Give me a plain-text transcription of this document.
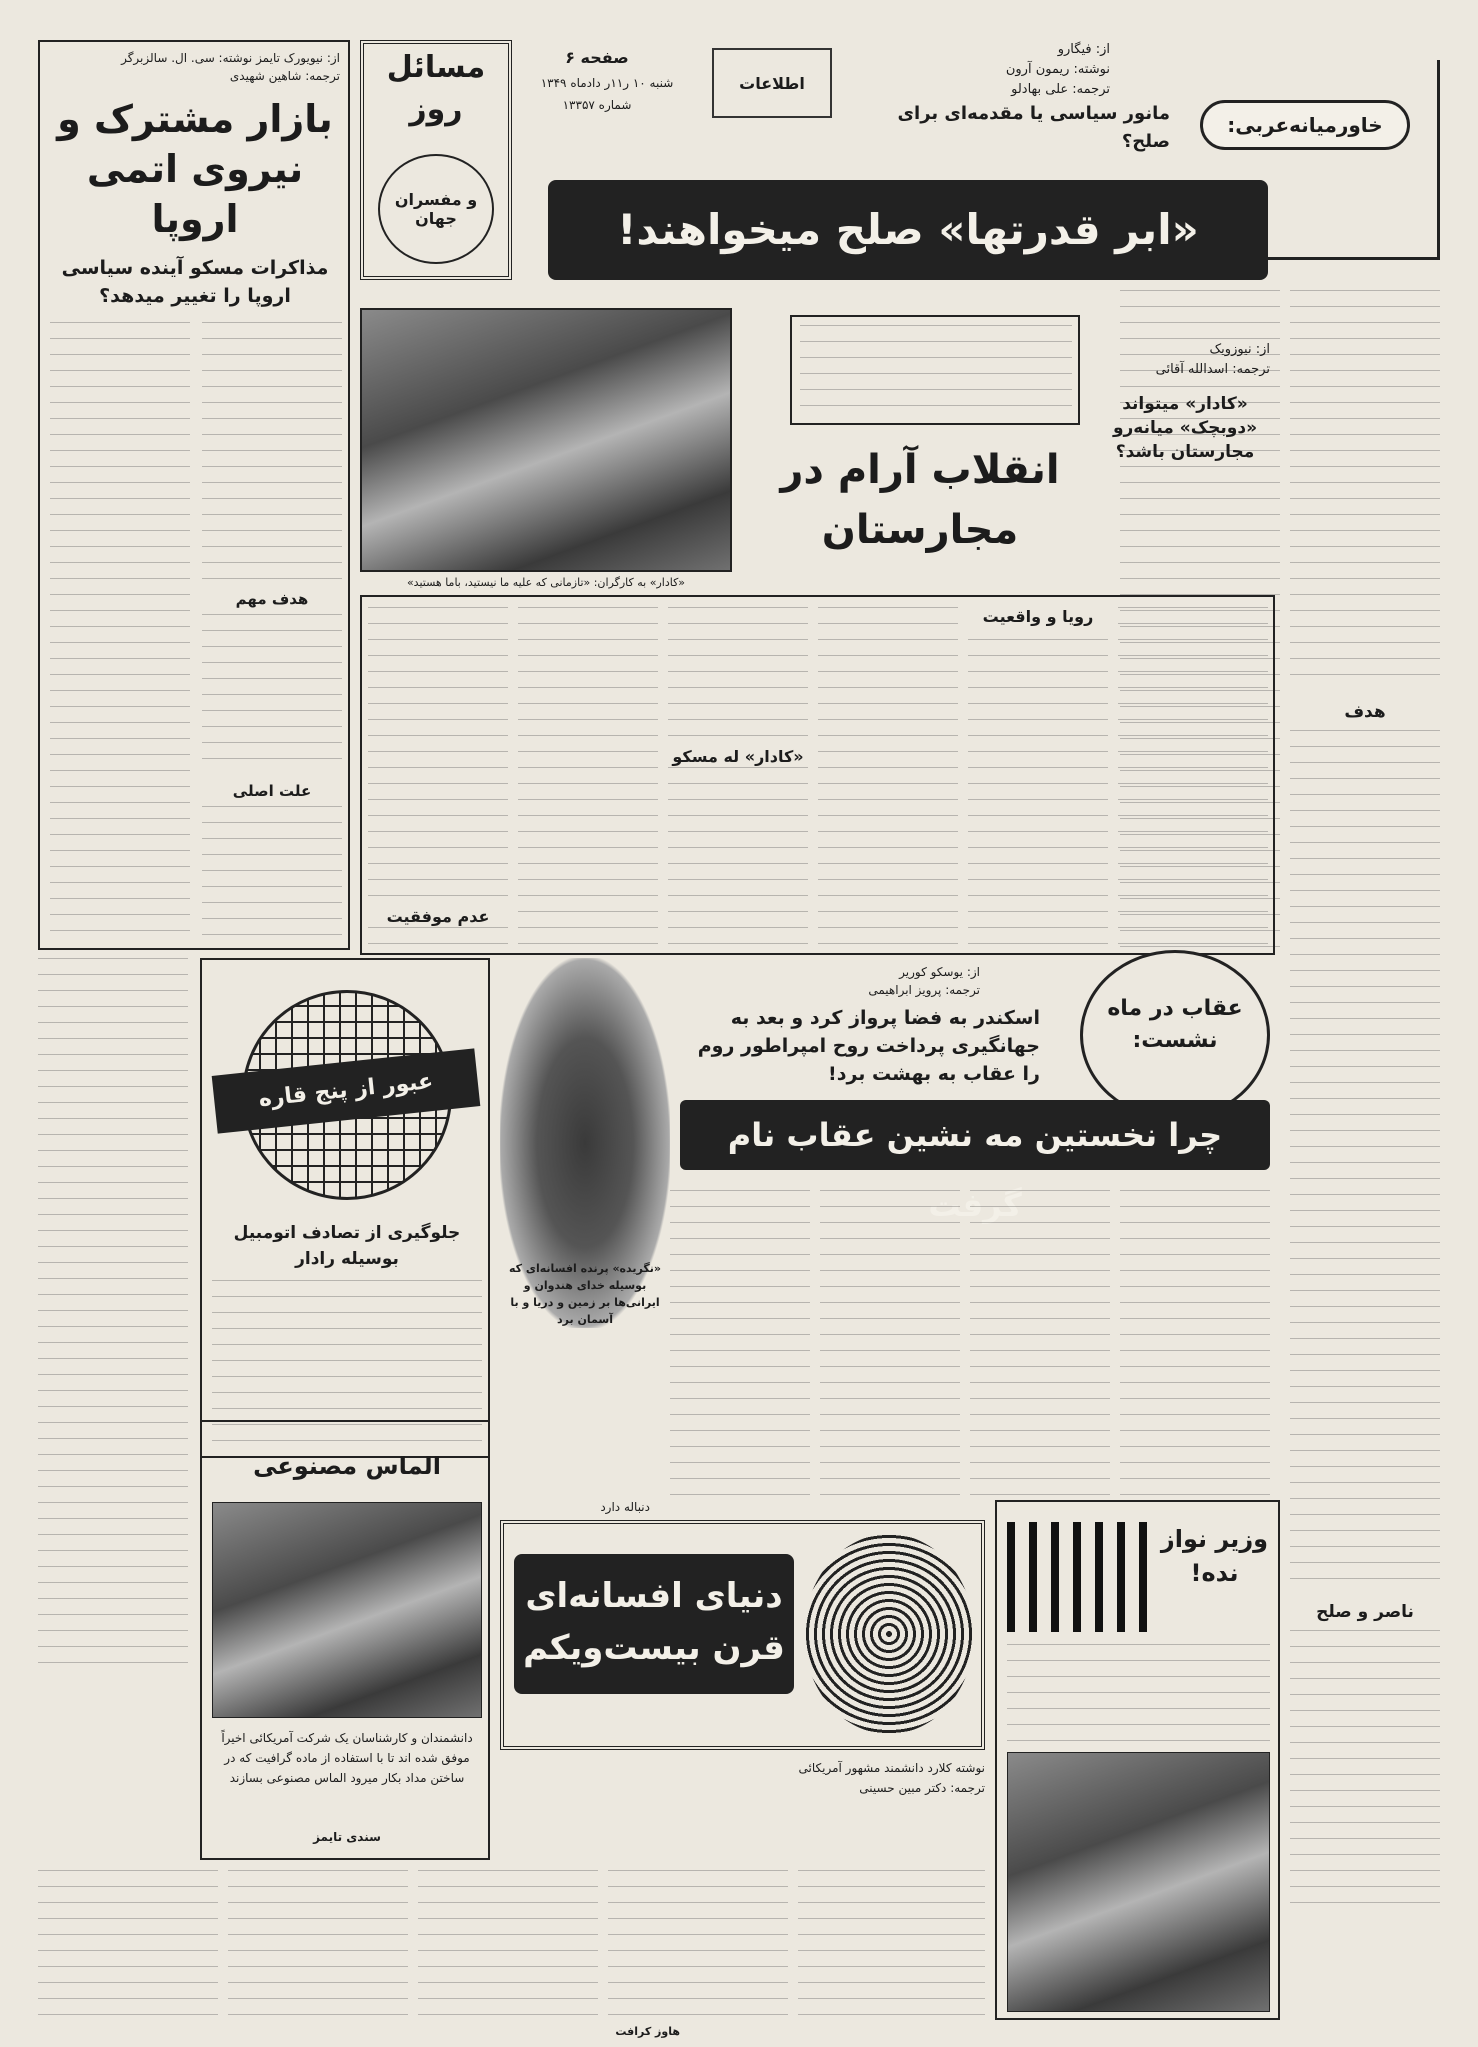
از: نیویورک تایمز نوشته: سی. ال. سالزبرگر
ترجمه: شاهین شهیدی
بازار مشترک و نیروی اتمی اروپا
مذاکرات مسکو آینده سیاسی اروپا را تغییر میدهد؟
هدف مهم
علت اصلی
مسائل
روز
و مفسران جهان
صفحه ۶
شنبه ۱۰ ر۱۱ر دادماه ۱۳۴۹
شماره ۱۳۳۵۷
اطلاعات
از: فیگارو
نوشته: ریمون آرون
ترجمه: علی بهادلو
مانور سیاسی یا مقدمه‌ای برای صلح؟
خاورمیانه‌عربی:
«ابر قدرتها» صلح میخواهند!
هدف
ناصر و صلح
«کادار» به کارگران: «تازمانی که علیه ما نیستید، باما هستید»
از: نیوزویک
ترجمه: اسدالله آقائی
«کادار» میتواند «دوبچک» میانه‌رو مجارستان باشد؟
انقلاب آرام در مجارستان
عدم موفقیت
«کادار» له مسکو
رویا و واقعیت
عبور از پنج قاره
جلوگیری از تصادف اتومبیل بوسیله رادار
الماس مصنوعی
دانشمندان و کارشناسان یک شرکت آمریکائی اخیراً موفق شده اند تا با استفاده از ماده گرافیت که در ساختن مداد بکار میرود الماس مصنوعی بسازند
سندی تایمز
«نگریده» پرنده افسانه‌ای که بوسیله خدای هندوان و ایرانی‌ها بر زمین و دریا و با آسمان برد
از: یوسکو کوریر
ترجمه: پرویز ابراهیمی
اسکندر به فضا پرواز کرد و بعد به جهانگیری پرداخت روح امپراطور روم را عقاب به بهشت برد!
عقاب در ماه نشست:
چرا نخستین مه نشین عقاب نام گرفت
دنباله دارد
دنیای افسانه‌ای قرن بیست‌و‌یکم
نوشته کلارد دانشمند مشهور آمریکائی
ترجمه: دکتر مبین حسینی
هاوز کرافت
وزیر نواز نده!
